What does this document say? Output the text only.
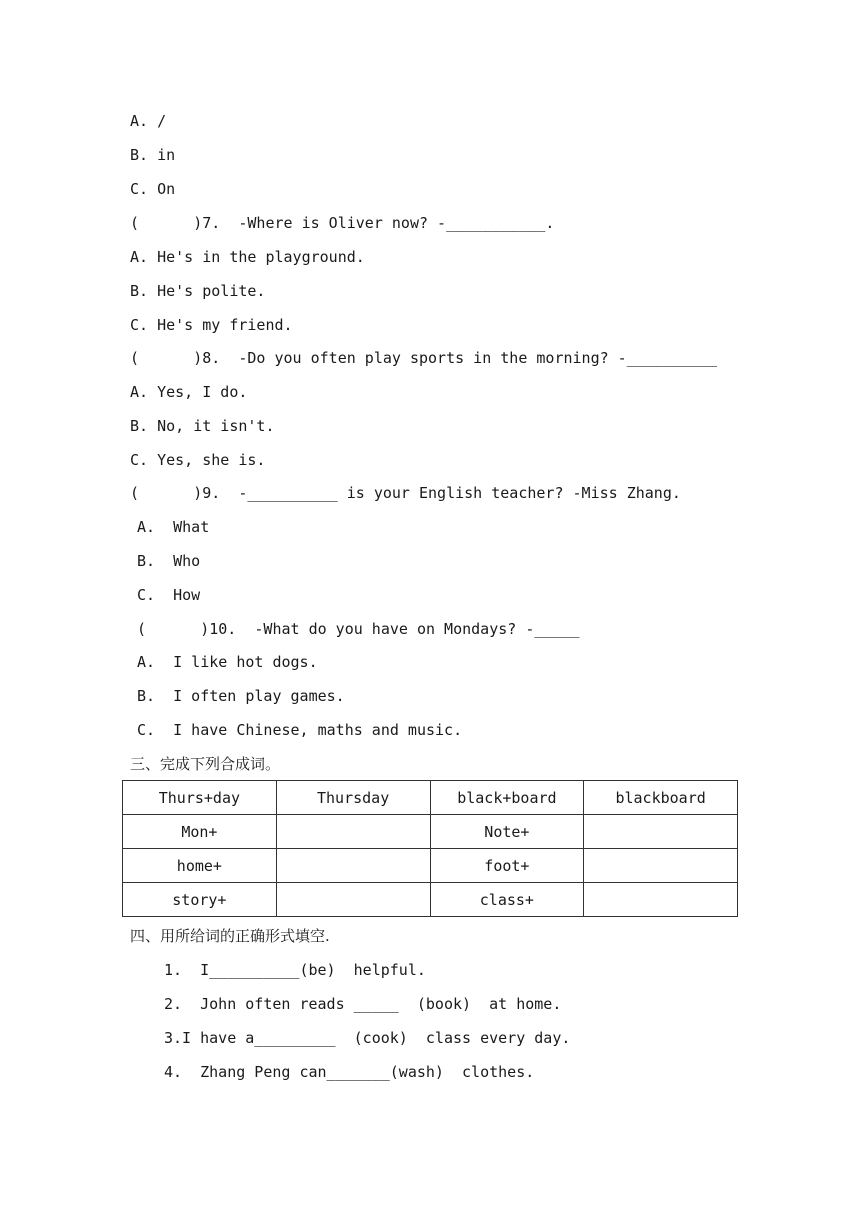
A. /
B. in
C. On
(      )7.  -Where is Oliver now? -___________.
A. He's in the playground.
B. He's polite.
C. He's my friend.
(      )8.  -Do you often play sports in the morning? -__________
A. Yes, I do.
B. No, it isn't.
C. Yes, she is.
(      )9.  -__________ is your English teacher? -Miss Zhang.
A.  What
B.  Who
C.  How
(      )10.  -What do you have on Mondays? -_____
A.  I like hot dogs.
B.  I often play games.
C.  I have Chinese, maths and music.
三、完成下列合成词。
Thurs+day	Thursday	black+board	blackboard
Mon+		Note+	
home+		foot+	
story+		class+	
四、用所给词的正确形式填空.
1.  I__________(be)  helpful.
2.  John often reads _____  (book)  at home.
3.I have a_________  (cook)  class every day.
4.  Zhang Peng can_______(wash)  clothes.
